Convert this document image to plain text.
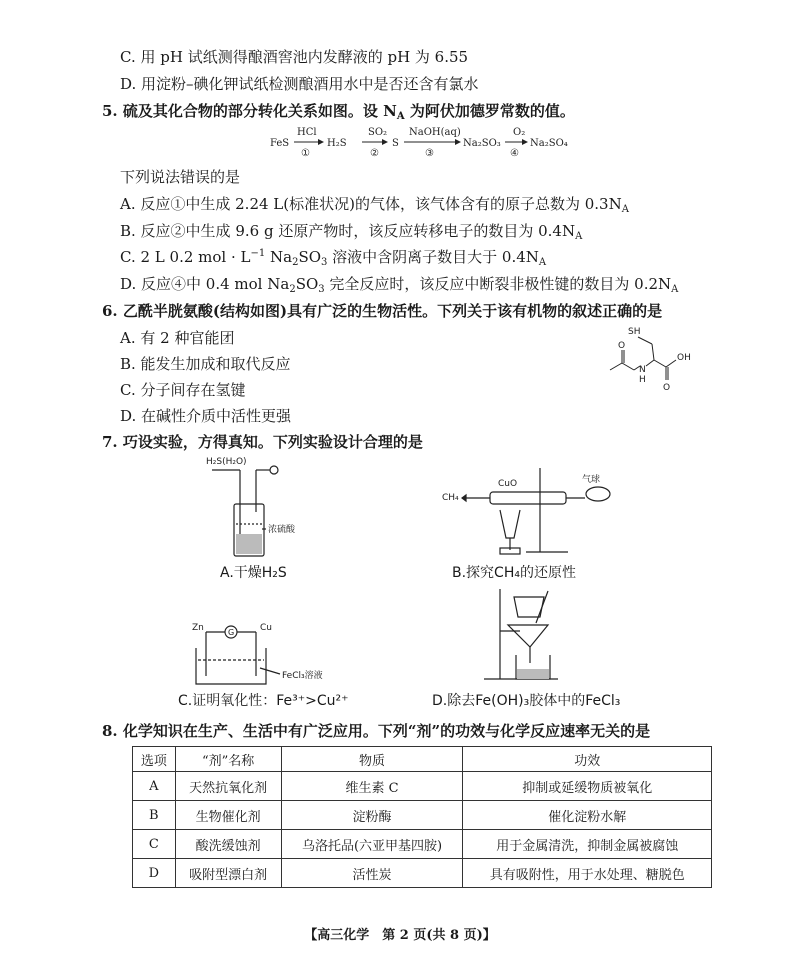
C. 用 pH 试纸测得酿酒窖池内发酵液的 pH 为 6.55
D. 用淀粉–碘化钾试纸检测酿酒用水中是否还含有氯水
5. 硫及其化合物的部分转化关系如图。设 $N_A$ 为阿伏加德罗常数的值。
FeS
HCl
①
H₂S
SO₂
②
S
NaOH(aq)
③
Na₂SO₃
O₂
④
Na₂SO₄
下列说法错误的是
A. 反应①中生成 2.24 L(标准状况)的气体，该气体含有的原子总数为 $0.3N_A$
B. 反应②中生成 9.6 g 还原产物时，该反应转移电子的数目为 $0.4N_A$
C. 2 L 0.2 mol · $L^{-1}$ $Na_2SO_3$ 溶液中含阴离子数目大于 $0.4N_A$
D. 反应④中 0.4 mol $Na_2SO_3$ 完全反应时，该反应中断裂非极性键的数目为 $0.2N_A$
6. 乙酰半胱氨酸(结构如图)具有广泛的生物活性。下列关于该有机物的叙述正确的是
A. 有 2 种官能团
B. 能发生加成和取代反应
C. 分子间存在氢键
D. 在碱性介质中活性更强
SH
O
N
H
OH
O
7. 巧设实验，方得真知。下列实验设计合理的是
H₂S(H₂O)
浓硫酸
A.干燥H₂S
CH₄
CuO	气球
B.探究CH₄的还原性
Zn	Cu
G
FeCl₃溶液
C.证明氧化性：Fe³⁺>Cu²⁺	D.除去Fe(OH)₃胶体中的FeCl₃
8. 化学知识在生产、生活中有广泛应用。下列“剂”的功效与化学反应速率无关的是
选项	“剂”名称	物质	功效
A	天然抗氧化剂	维生素 C	抑制或延缓物质被氧化
B	生物催化剂	淀粉酶	催化淀粉水解
C	酸洗缓蚀剂	乌洛托品(六亚甲基四胺)	用于金属清洗，抑制金属被腐蚀
D	吸附型漂白剂	活性炭	具有吸附性，用于水处理、糖脱色
【高三化学　第 2 页(共 8 页)】
